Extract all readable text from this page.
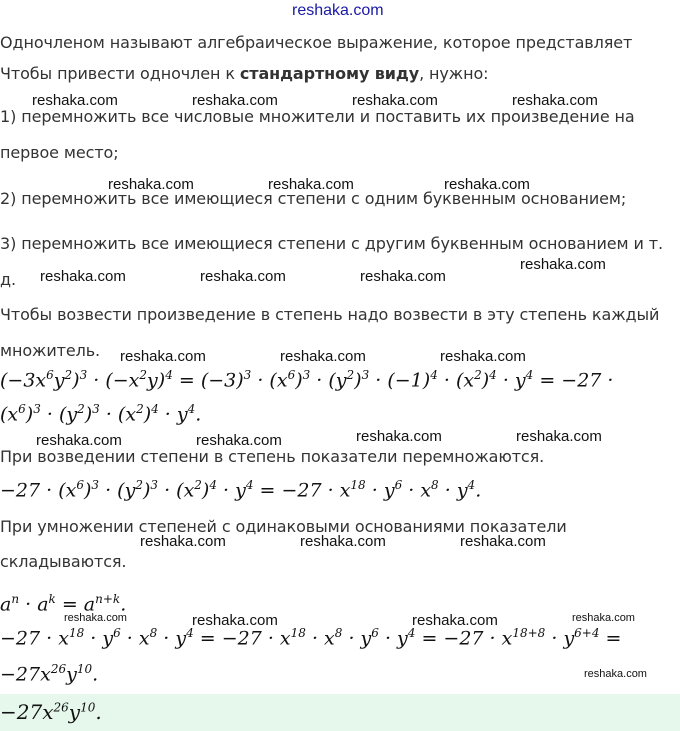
reshaka.com
Одночленом называют алгебраическое выражение, которое представляет
Чтобы привести одночлен к стандартному виду, нужно:
1) перемножить все числовые множители и поставить их произведение на
первое место;
2) перемножить все имеющиеся степени с одним буквенным основанием;
3) перемножить все имеющиеся степени с другим буквенным основанием и т.
д.
Чтобы возвести произведение в степень надо возвести в эту степень каждый
множитель.
$(-3x^6y^2)^3 \cdot (-x^2y)^4 = (-3)^3 \cdot (x^6)^3 \cdot (y^2)^3 \cdot (-1)^4 \cdot (x^2)^4 \cdot y^4 = -27$ ·
$(x^6)^3 \cdot (y^2)^3 \cdot (x^2)^4 \cdot y^4$.
При возведении степени в степень показатели перемножаются.
$-27 \cdot (x^6)^3 \cdot (y^2)^3 \cdot (x^2)^4 \cdot y^4 = -27 \cdot x^{18} \cdot y^6 \cdot x^8 \cdot y^4$.
При умножении степеней с одинаковыми основаниями показатели
складываются.
$a^n \cdot a^k = a^{n+k}$.
$-27 \cdot x^{18} \cdot y^6 \cdot x^8 \cdot y^4 = -27 \cdot x^{18} \cdot x^8 \cdot y^6 \cdot y^4 = -27 \cdot x^{18+8} \cdot y^{6+4}$ =
$-27x^{26}y^{10}$.
$-27x^{26}y^{10}$.
reshaka.com	reshaka.com	reshaka.com	reshaka.com
reshaka.com	reshaka.com	reshaka.com
reshaka.com	reshaka.com	reshaka.com
reshaka.com
reshaka.com	reshaka.com	reshaka.com
reshaka.com	reshaka.com	reshaka.com	reshaka.com
reshaka.com	reshaka.com	reshaka.com
reshaka.com	reshaka.com	reshaka.com	reshaka.com
reshaka.com
